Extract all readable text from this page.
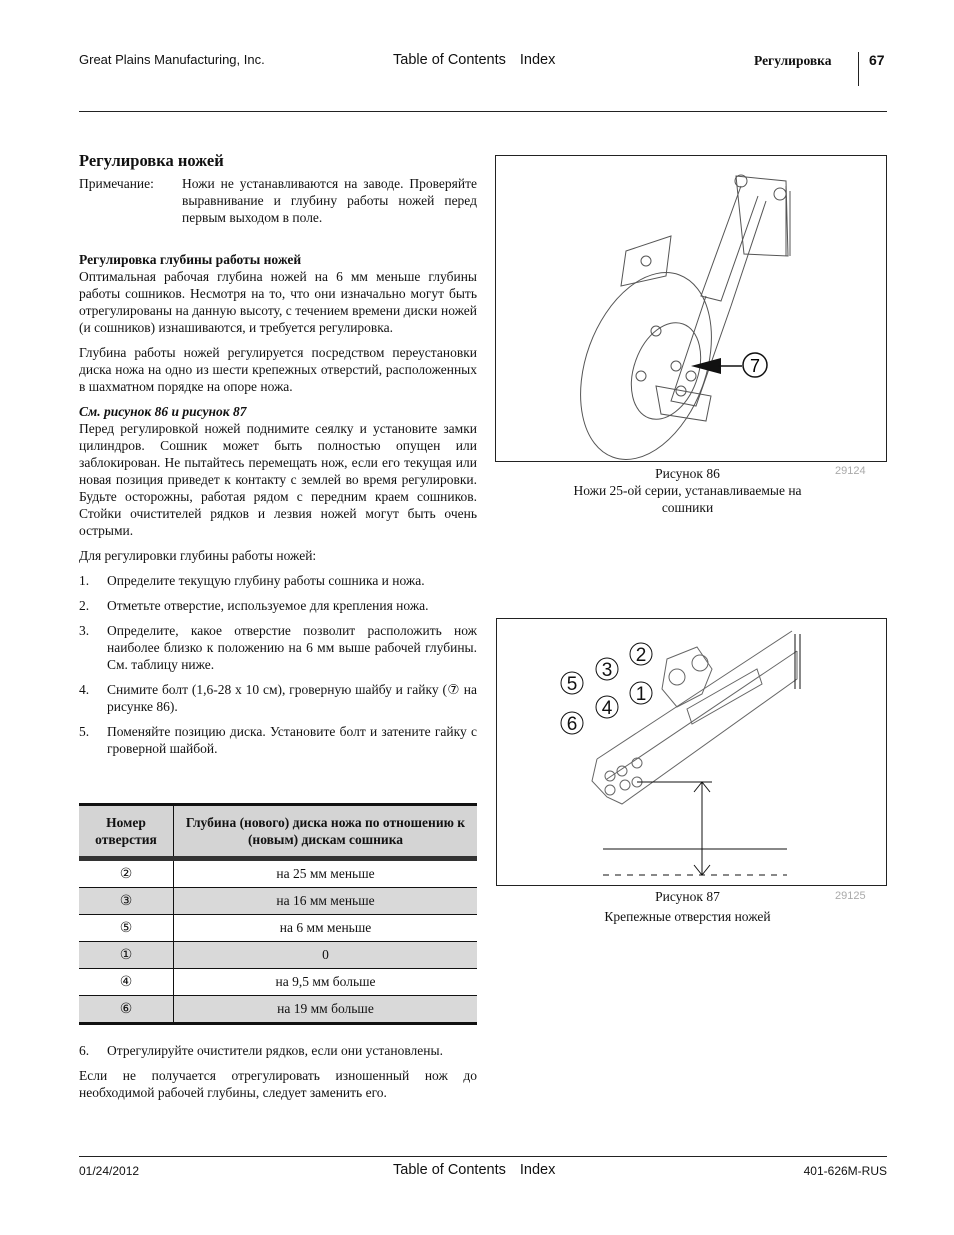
Great Plains Manufacturing, Inc.	Table of Contents Index	Регулировка	67
Регулировка ножей
Примечание: Ножи не устанавливаются на заводе. Проверяйте выравнивание и глубину работы ножей перед первым выходом в поле.
Регулировка глубины работы ножей

Оптимальная рабочая глубина ножей на 6 мм меньше глубины работы сошников. Несмотря на то, что они изначально могут быть отрегулированы на данную высоту, с течением времени диски ножей (и сошников) изнашиваются, и требуется регулировка.

Глубина работы ножей регулируется посредством переустановки диска ножа на одно из шести крепежных отверстий, расположенных в шахматном порядке на опоре ножа.

См. рисунок 86 и рисунок 87

Перед регулировкой ножей поднимите сеялку и установите замки цилиндров. Сошник может быть полностью опущен или заблокирован. Не пытайтесь перемещать нож, если его текущая или новая позиция приведет к контакту с землей во время регулировки. Будьте осторожны, работая рядом с передним краем сошников. Стойки очистителей рядков и лезвия ножей могут быть очень острыми.

Для регулировки глубины работы ножей:

1. Определите текущую глубину работы сошника и ножа.
2. Отметьте отверстие, используемое для крепления ножа.
3. Определите, какое отверстие позволит расположить нож наиболее близко к положению на 6 мм выше рабочей глубины. См. таблицу ниже.
4. Снимите болт (1,6-28 x 10 см), гроверную шайбу и гайку (⑦ на рисунке 86).
5. Поменяйте позицию диска. Установите болт и затените гайку с гроверной шайбой.
Номер отверстия	Глубина (нового) диска ножа по отношению к (новым) дискам сошника
②	на 25 мм меньше
③	на 16 мм меньше
⑤	на 6 мм меньше
①	0
④	на 9,5 мм больше
⑥	на 19 мм больше
6. Отрегулируйте очистители рядков, если они установлены.

Если не получается отрегулировать изношенный нож до необходимой рабочей глубины, следует заменить его.

7
Рисунок 86
Ножи 25-ой серии, устанавливаемые на сошники
29124
2
3
5	1
4
6
Рисунок 87
Крепежные отверстия ножей
29125
01/24/2012	Table of Contents Index	401-626M-RUS
